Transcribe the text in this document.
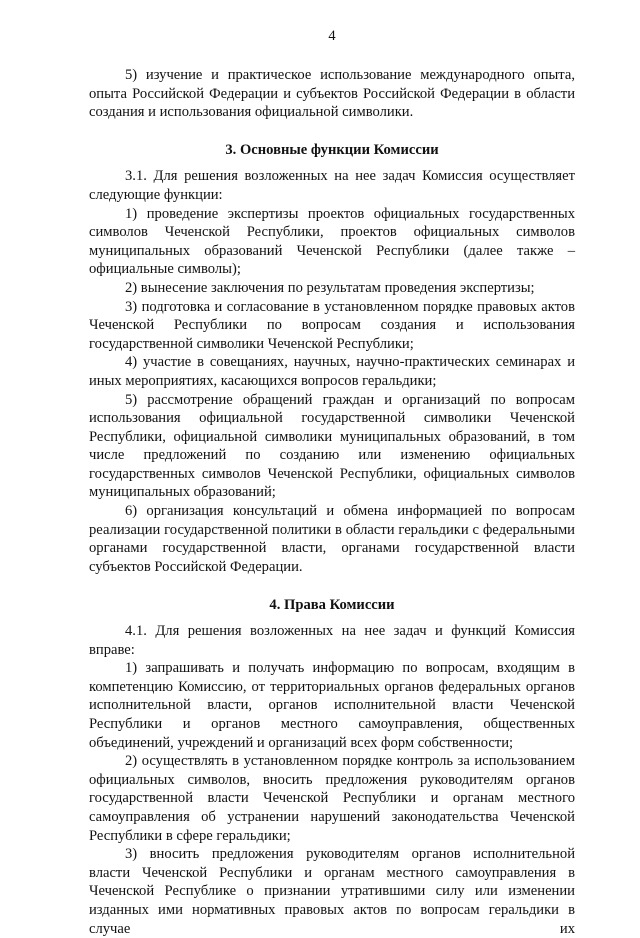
4

5) изучение и практическое использование международного опыта, опыта Российской Федерации и субъектов Российской Федерации в области создания и использования официальной символики.

3. Основные функции Комиссии

3.1. Для решения возложенных на нее задач Комиссия осуществляет следующие функции:

1) проведение экспертизы проектов официальных государственных символов Чеченской Республики, проектов официальных символов муниципальных образований Чеченской Республики (далее также – официальные символы);

2) вынесение заключения по результатам проведения экспертизы;

3) подготовка и согласование в установленном порядке правовых актов Чеченской Республики по вопросам создания и использования государственной символики Чеченской Республики;

4) участие в совещаниях, научных, научно-практических семинарах и иных мероприятиях, касающихся вопросов геральдики;

5) рассмотрение обращений граждан и организаций по вопросам использования официальной государственной символики Чеченской Республики, официальной символики муниципальных образований, в том числе предложений по созданию или изменению официальных государственных символов Чеченской Республики, официальных символов муниципальных образований;

6) организация консультаций и обмена информацией по вопросам реализации государственной политики в области геральдики с федеральными органами государственной власти, органами государственной власти субъектов Российской Федерации.

4. Права Комиссии

4.1. Для решения возложенных на нее задач и функций Комиссия вправе:

1) запрашивать и получать информацию по вопросам, входящим в компетенцию Комиссию, от территориальных органов федеральных органов исполнительной власти, органов исполнительной власти Чеченской Республики и органов местного самоуправления, общественных объединений, учреждений и организаций всех форм собственности;

2) осуществлять в установленном порядке контроль за использованием официальных символов, вносить предложения руководителям органов государственной власти Чеченской Республики и органам местного самоуправления об устранении нарушений законодательства Чеченской Республики в сфере геральдики;

3) вносить предложения руководителям органов исполнительной власти Чеченской Республики и органам местного самоуправления в Чеченской Республике о признании утратившими силу или изменении изданных ими нормативных правовых актов по вопросам геральдики в случае их
